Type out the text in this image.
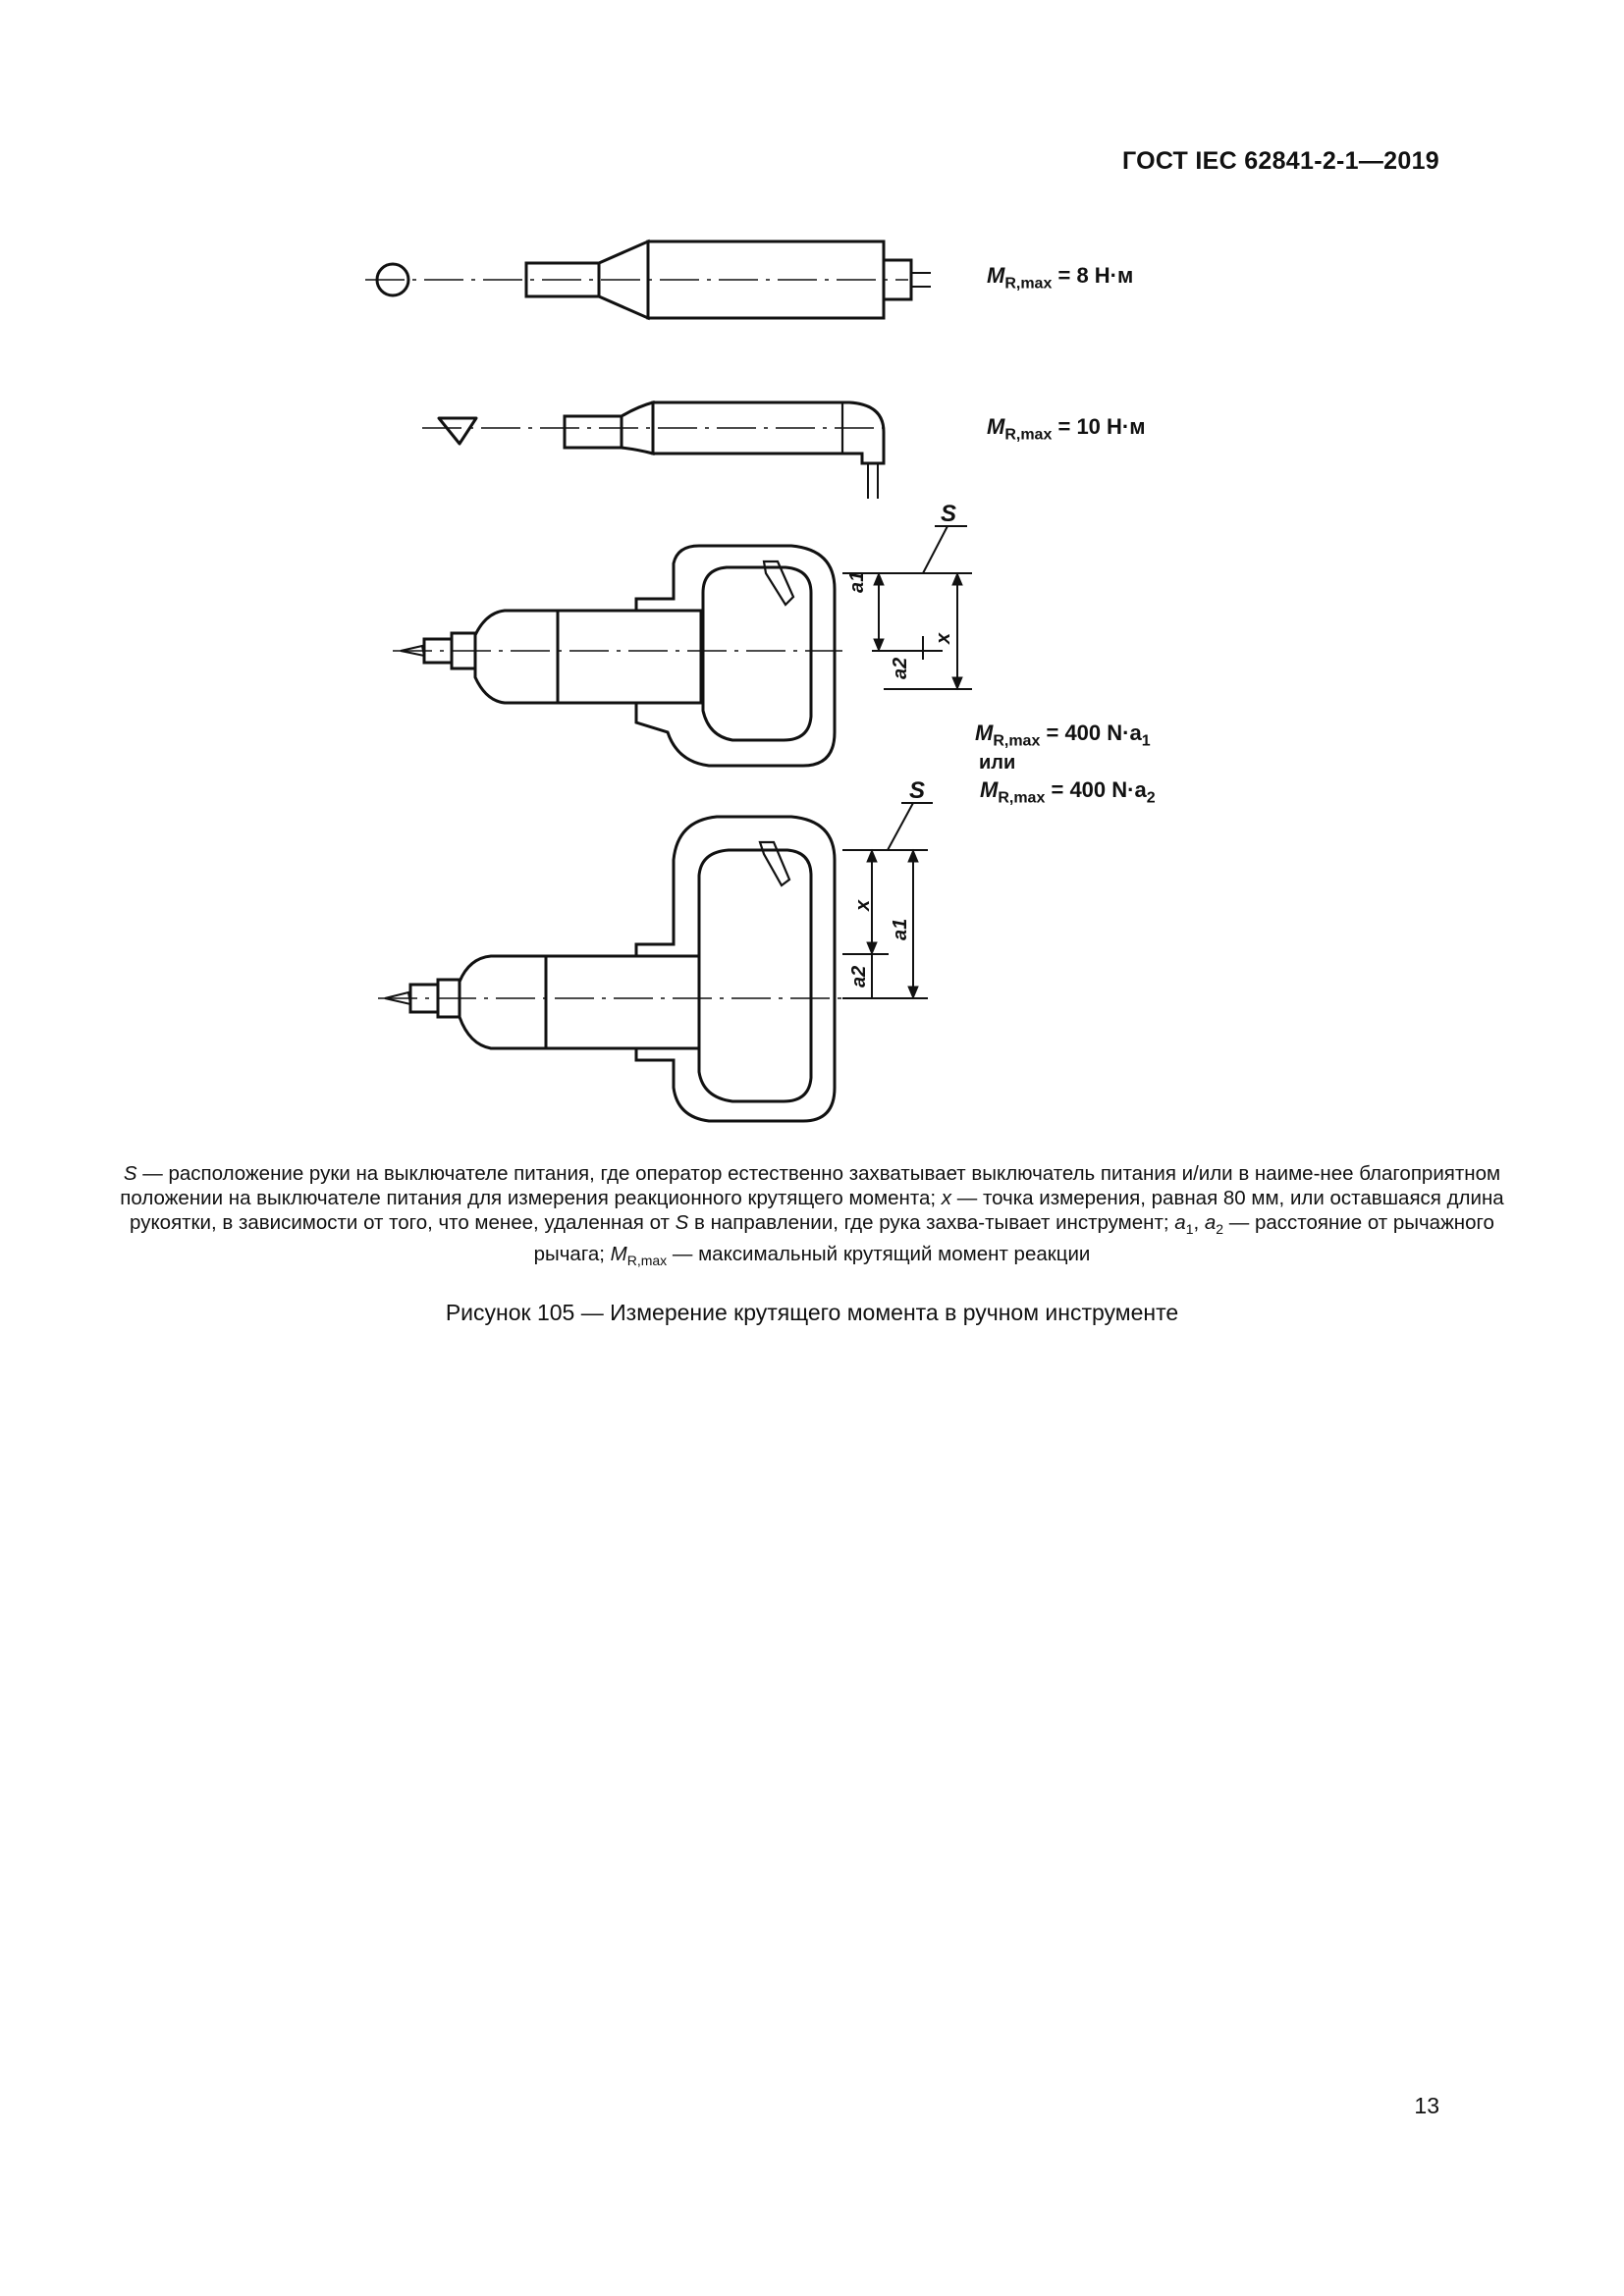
ГОСТ IEC 62841-2-1—2019
$M_{R,max} = 8$ Н·м
$M_{R,max} = 10$ Н·м
S
a1
a2
x
$M_{R,max} = 400$ $N\cdot a_1$
или
$M_{R,max} = 400$ $N\cdot a_2$
S
x
a2
a1
S — расположение руки на выключателе питания, где оператор естественно захватывает выключатель питания и/или в наиме-нее благоприятном положении на выключателе питания для измерения реакционного крутящего момента; x — точка измерения, равная 80 мм, или оставшаяся длина рукоятки, в зависимости от того, что менее, удаленная от S в направлении, где рука захва-тывает инструмент; $a_1$, $a_2$ — расстояние от рычажного рычага; $M_{R,max}$ — максимальный крутящий момент реакции
Рисунок 105 — Измерение крутящего момента в ручном инструменте
13
